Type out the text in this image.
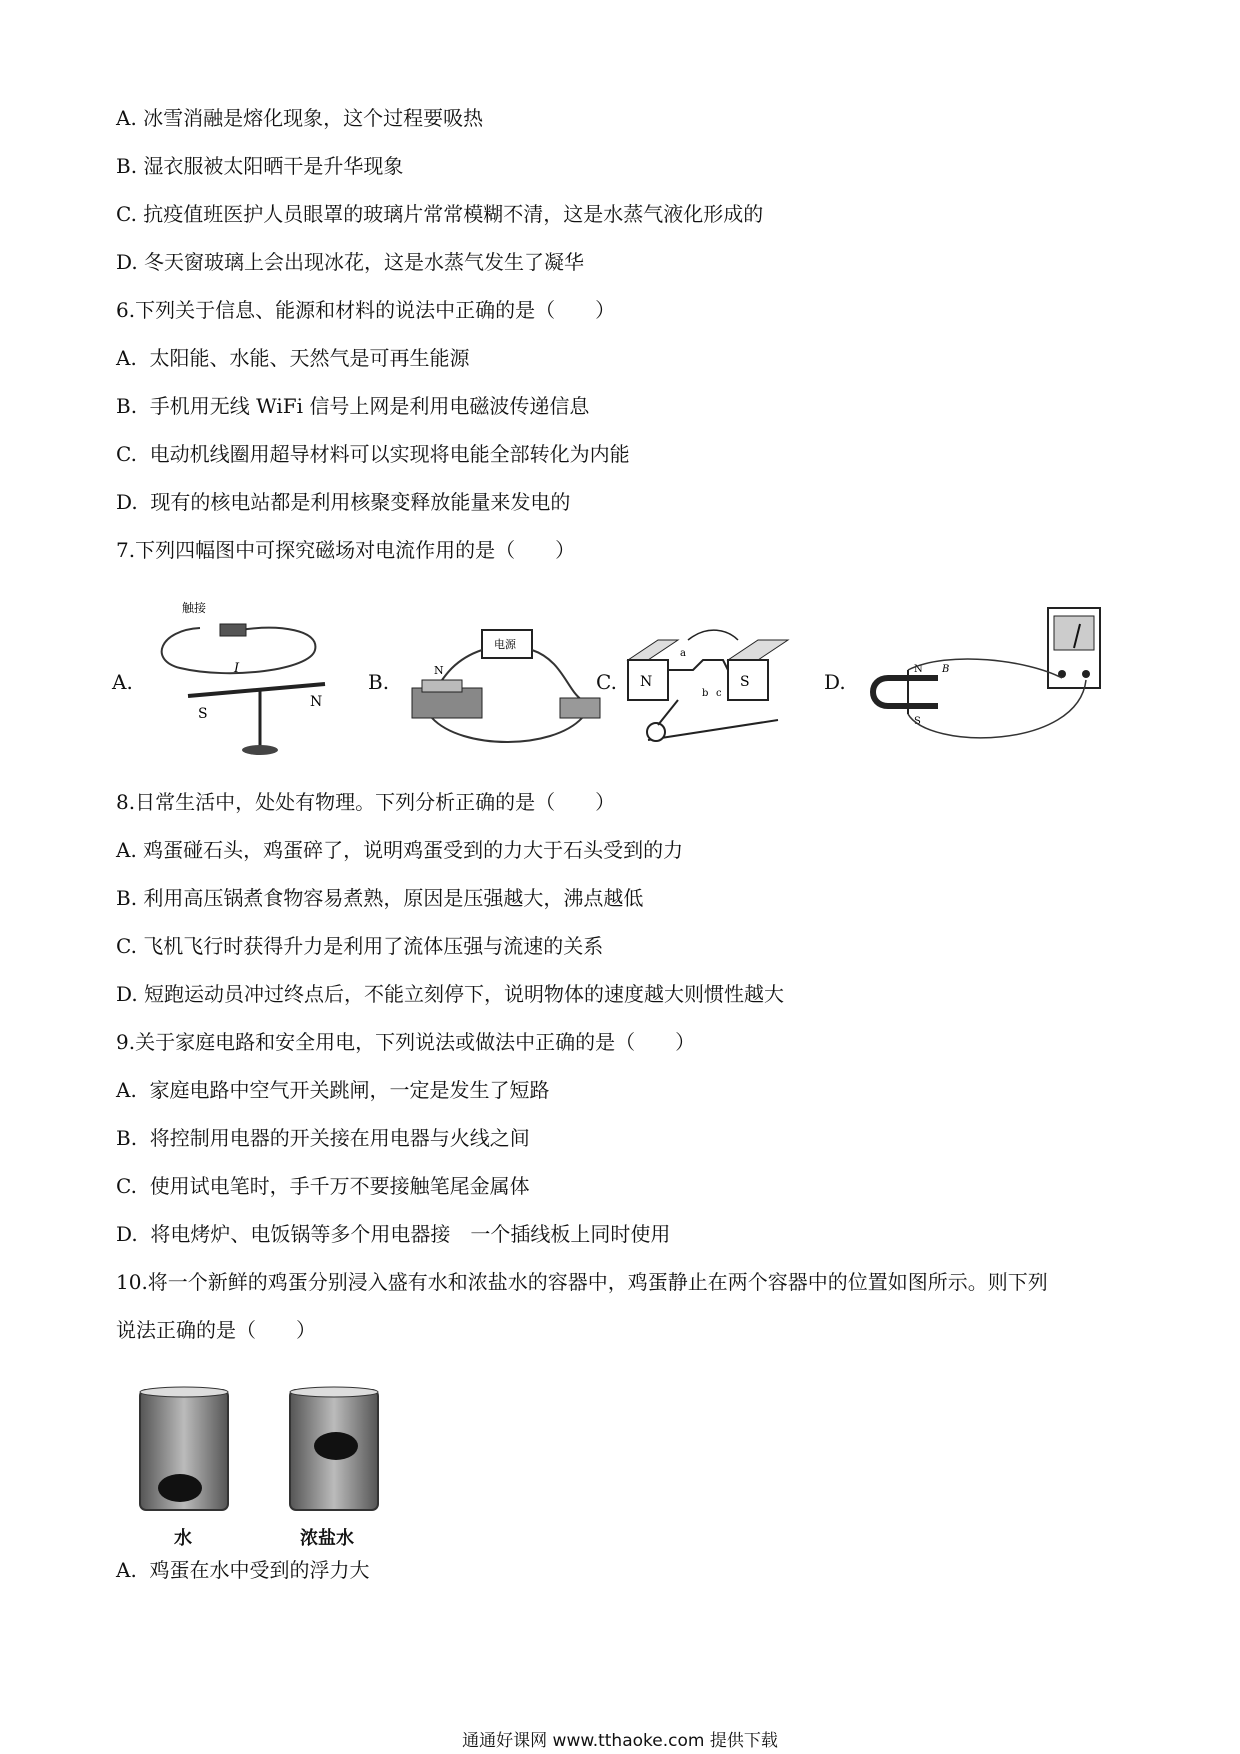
A. 冰雪消融是熔化现象，这个过程要吸热
B. 湿衣服被太阳晒干是升华现象
C. 抗疫值班医护人员眼罩的玻璃片常常模糊不清，这是水蒸气液化形成的
D. 冬天窗玻璃上会出现冰花，这是水蒸气发生了凝华
6.下列关于信息、能源和材料的说法中正确的是（　　）
A.  太阳能、水能、天然气是可再生能源
B.  手机用无线 WiFi 信号上网是利用电磁波传递信息
C.  电动机线圈用超导材料可以实现将电能全部转化为内能
D.  现有的核电站都是利用核聚变释放能量来发电的
7.下列四幅图中可探究磁场对电流作用的是（　　）
A.
触接
I
S
N
B.
电源
N	C. N	S
a
c
b	D.
N
S
B
8.日常生活中，处处有物理。下列分析正确的是（　　）
A. 鸡蛋碰石头，鸡蛋碎了，说明鸡蛋受到的力大于石头受到的力
B. 利用高压锅煮食物容易煮熟，原因是压强越大，沸点越低
C. 飞机飞行时获得升力是利用了流体压强与流速的关系
D. 短跑运动员冲过终点后，不能立刻停下，说明物体的速度越大则惯性越大
9.关于家庭电路和安全用电，下列说法或做法中正确的是（　　）
A.  家庭电路中空气开关跳闸，一定是发生了短路
B.  将控制用电器的开关接在用电器与火线之间
C.  使用试电笔时，手千万不要接触笔尾金属体
D.  将电烤炉、电饭锅等多个用电器接　一个插线板上同时使用
10.将一个新鲜的鸡蛋分别浸入盛有水和浓盐水的容器中，鸡蛋静止在两个容器中的位置如图所示。则下列
说法正确的是（　　）
水	浓盐水
A.  鸡蛋在水中受到的浮力大
通通好课网 www.tthaoke.com 提供下载
